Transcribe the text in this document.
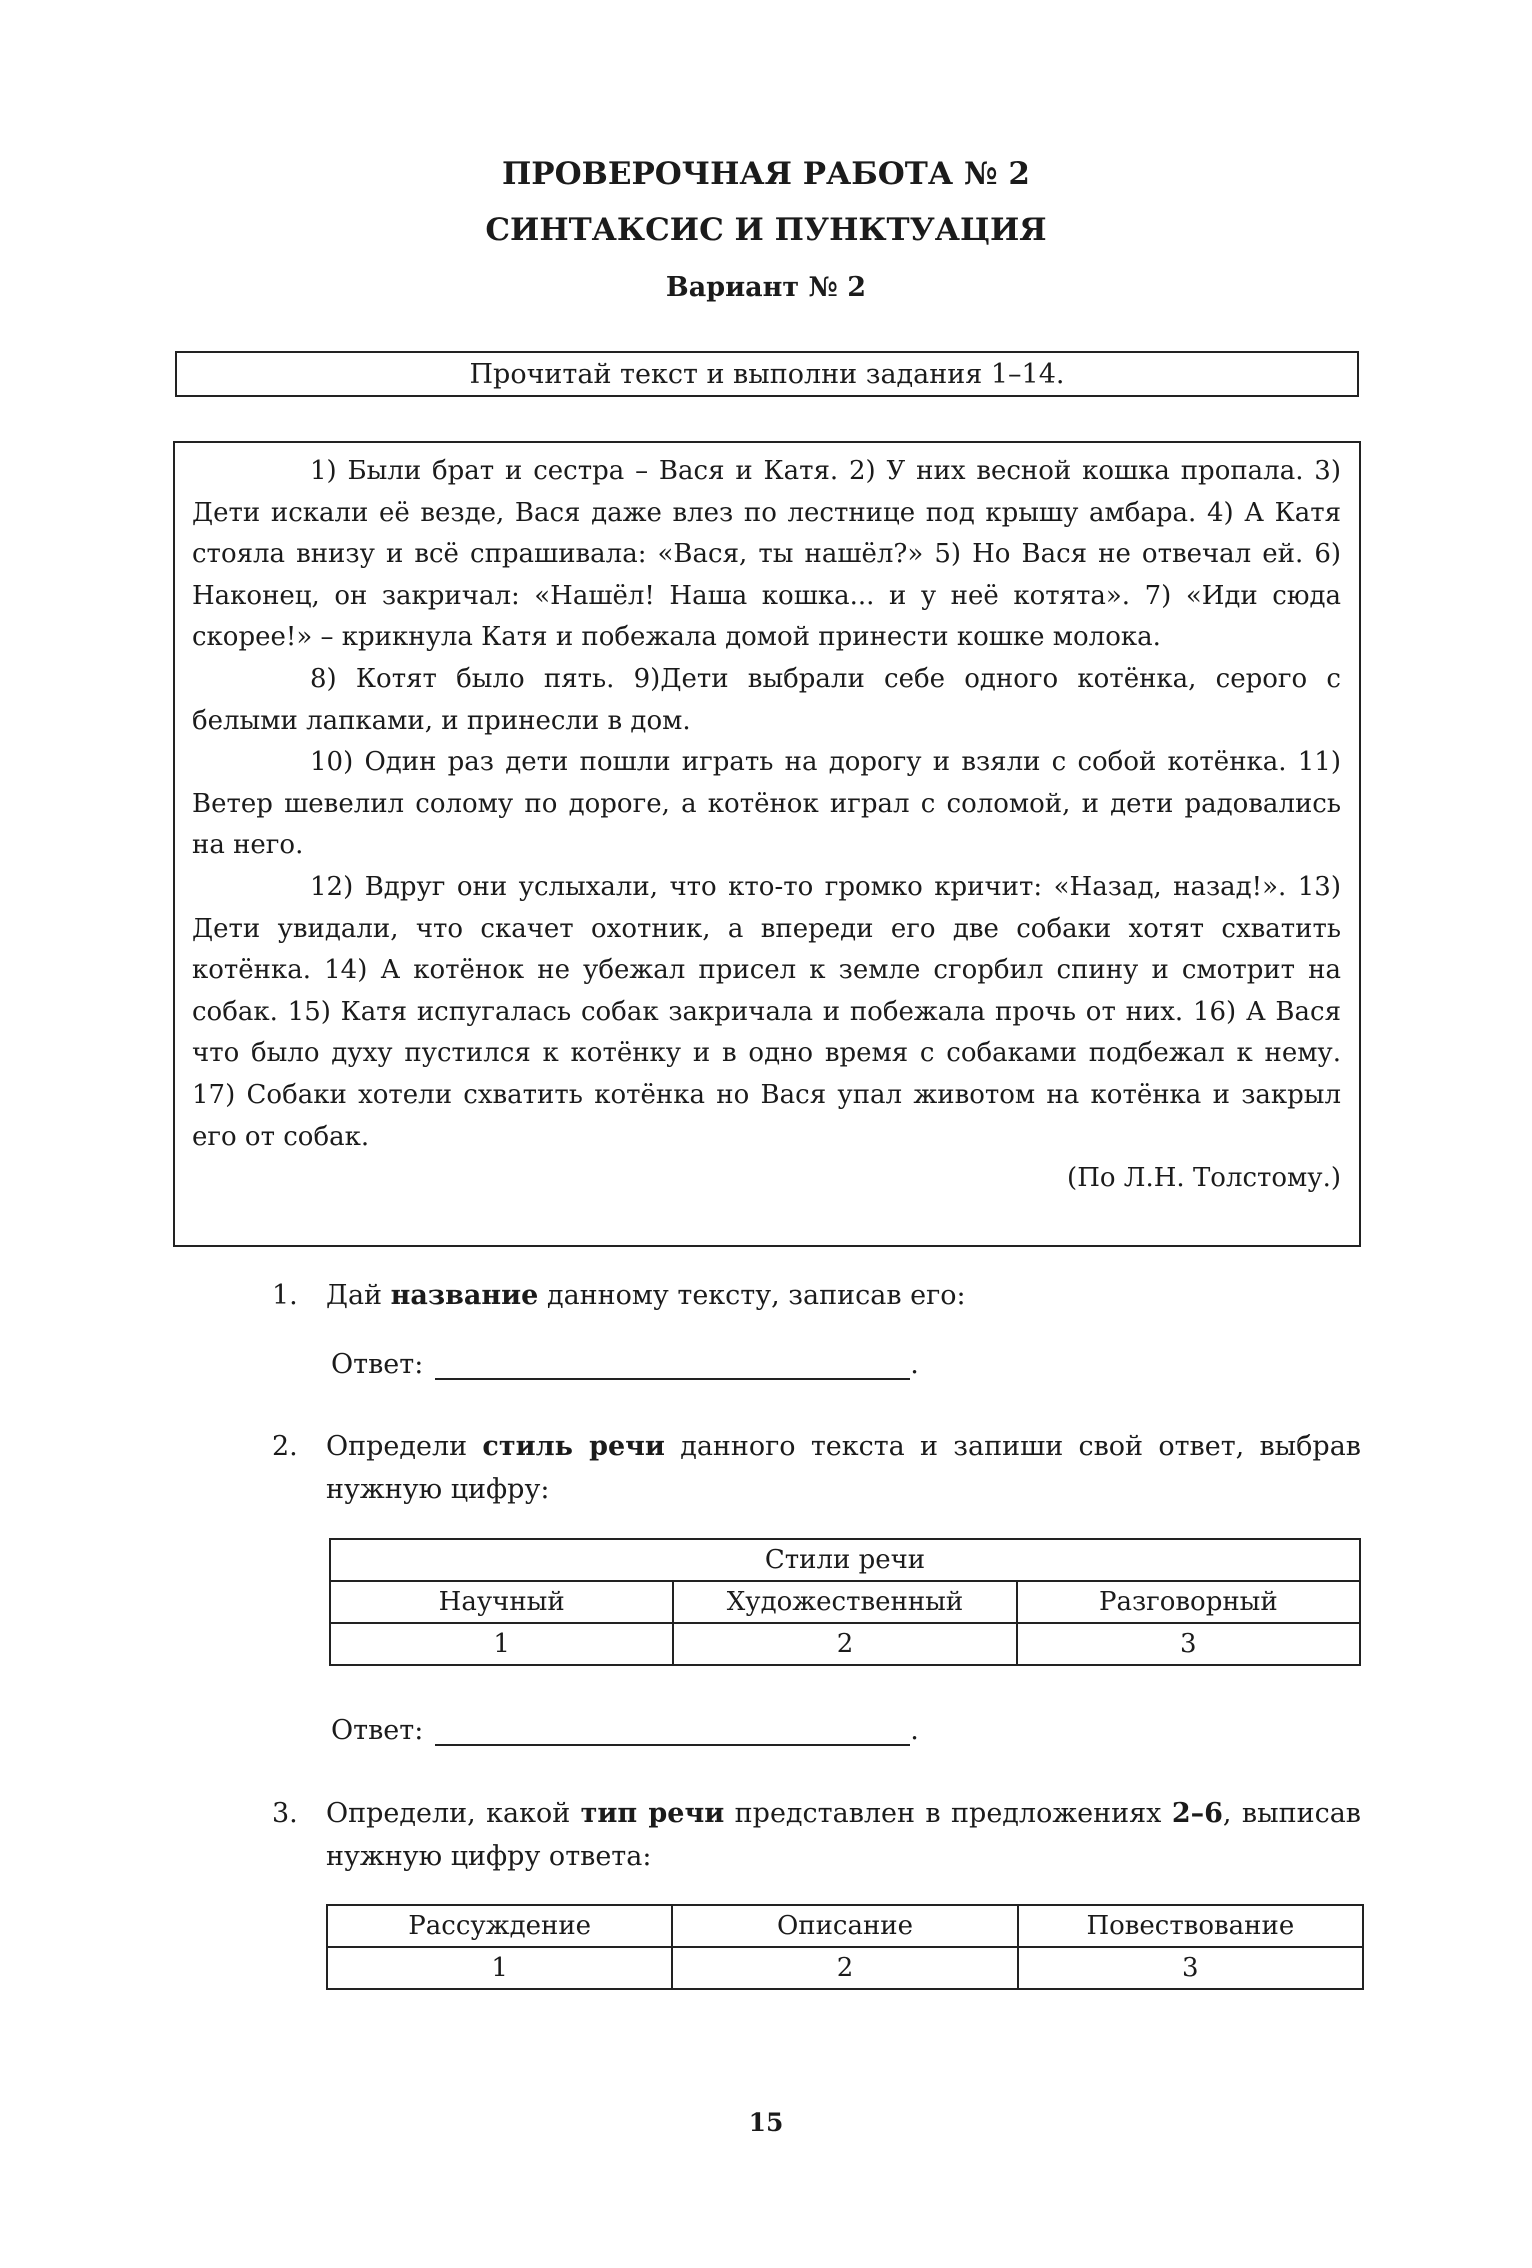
ПРОВЕРОЧНАЯ РАБОТА № 2
СИНТАКСИС И ПУНКТУАЦИЯ
Вариант № 2
Прочитай текст и выполни задания 1–14.

1) Были брат и сестра – Вася и Катя. 2) У них весной кошка пропала. 3) Дети искали её везде, Вася даже влез по лестнице под крышу амбара. 4) А Катя стояла внизу и всё спрашивала: «Вася, ты нашёл?» 5) Но Вася не отвечал ей. 6) Наконец, он закричал: «Нашёл! Наша кошка... и у неё котята». 7) «Иди сюда скорее!» – крикнула Катя и побежала домой принести кошке молока.

8) Котят было пять. 9)Дети выбрали себе одного котёнка, серого с белыми лапками, и принесли в дом.

10) Один раз дети пошли играть на дорогу и взяли с собой котёнка. 11) Ветер шевелил солому по дороге, а котёнок играл с соломой, и дети радовались на него.

12) Вдруг они услыхали, что кто-то громко кричит: «Назад, назад!». 13) Дети увидали, что скачет охотник, а впереди его две собаки хотят схватить котёнка. 14) А котёнок не убежал присел к земле сгорбил спину и смотрит на собак. 15) Катя испугалась собак закричала и побежала прочь от них. 16) А Вася что было духу пустился к котёнку и в одно время с собаками подбежал к нему. 17) Собаки хотели схватить котёнка но Вася упал животом на котёнка и закрыл его от собак.

(По Л.Н. Толстому.)
1. Дай название данному тексту, записав его:
Ответ:	.
2. Определи стиль речи данного текста и запиши свой ответ, выбрав нужную цифру:
Стили речи		
Научный	Художественный	Разговорный
1	2	3
Ответ:	.
3. Определи, какой тип речи представлен в предложениях 2–6, выписав нужную цифру ответа:
Рассуждение	Описание	Повествование
1	2	3
15
